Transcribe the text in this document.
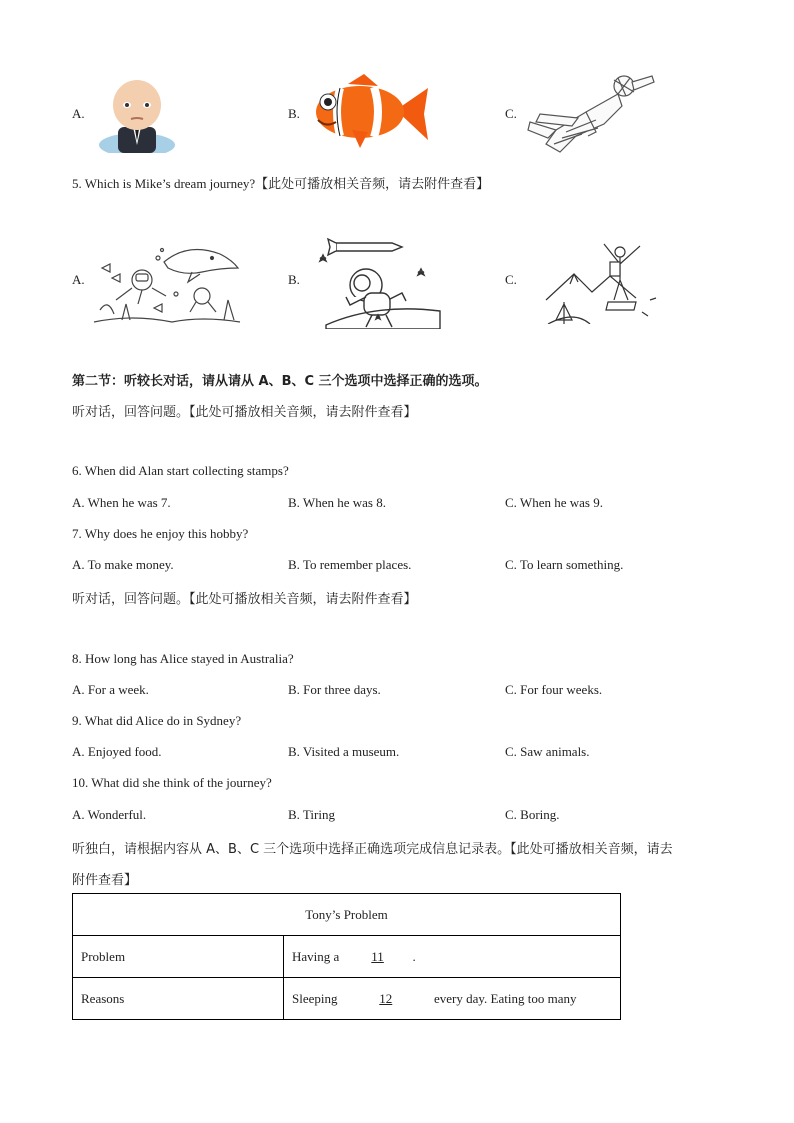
A.	B.	C.
5. Which is Mike’s dream journey?【此处可播放相关音频，请去附件查看】
A.	B.	C.
第二节：听较长对话，请从请从 A、B、C 三个选项中选择正确的选项。
听对话，回答问题。【此处可播放相关音频，请去附件查看】
6. When did Alan start collecting stamps?
A. When he was 7.	B. When he was 8.	C. When he was 9.
7. Why does he enjoy this hobby?
A. To make money.	B. To remember places.	C. To learn something.
听对话，回答问题。【此处可播放相关音频，请去附件查看】
8. How long has Alice stayed in Australia?
A. For a week.	B. For three days.	C. For four weeks.
9. What did Alice do in Sydney?
A. Enjoyed food.	B. Visited a museum.	C. Saw animals.
10. What did she think of the journey?
A. Wonderful.	B. Tiring	C. Boring.
听独白，请根据内容从 A、B、C 三个选项中选择正确选项完成信息记录表。【此处可播放相关音频，请去
附件查看】
Tony’s Problem	
Problem	Having a 11 .
Reasons	Sleeping 12 every day. Eating too many
